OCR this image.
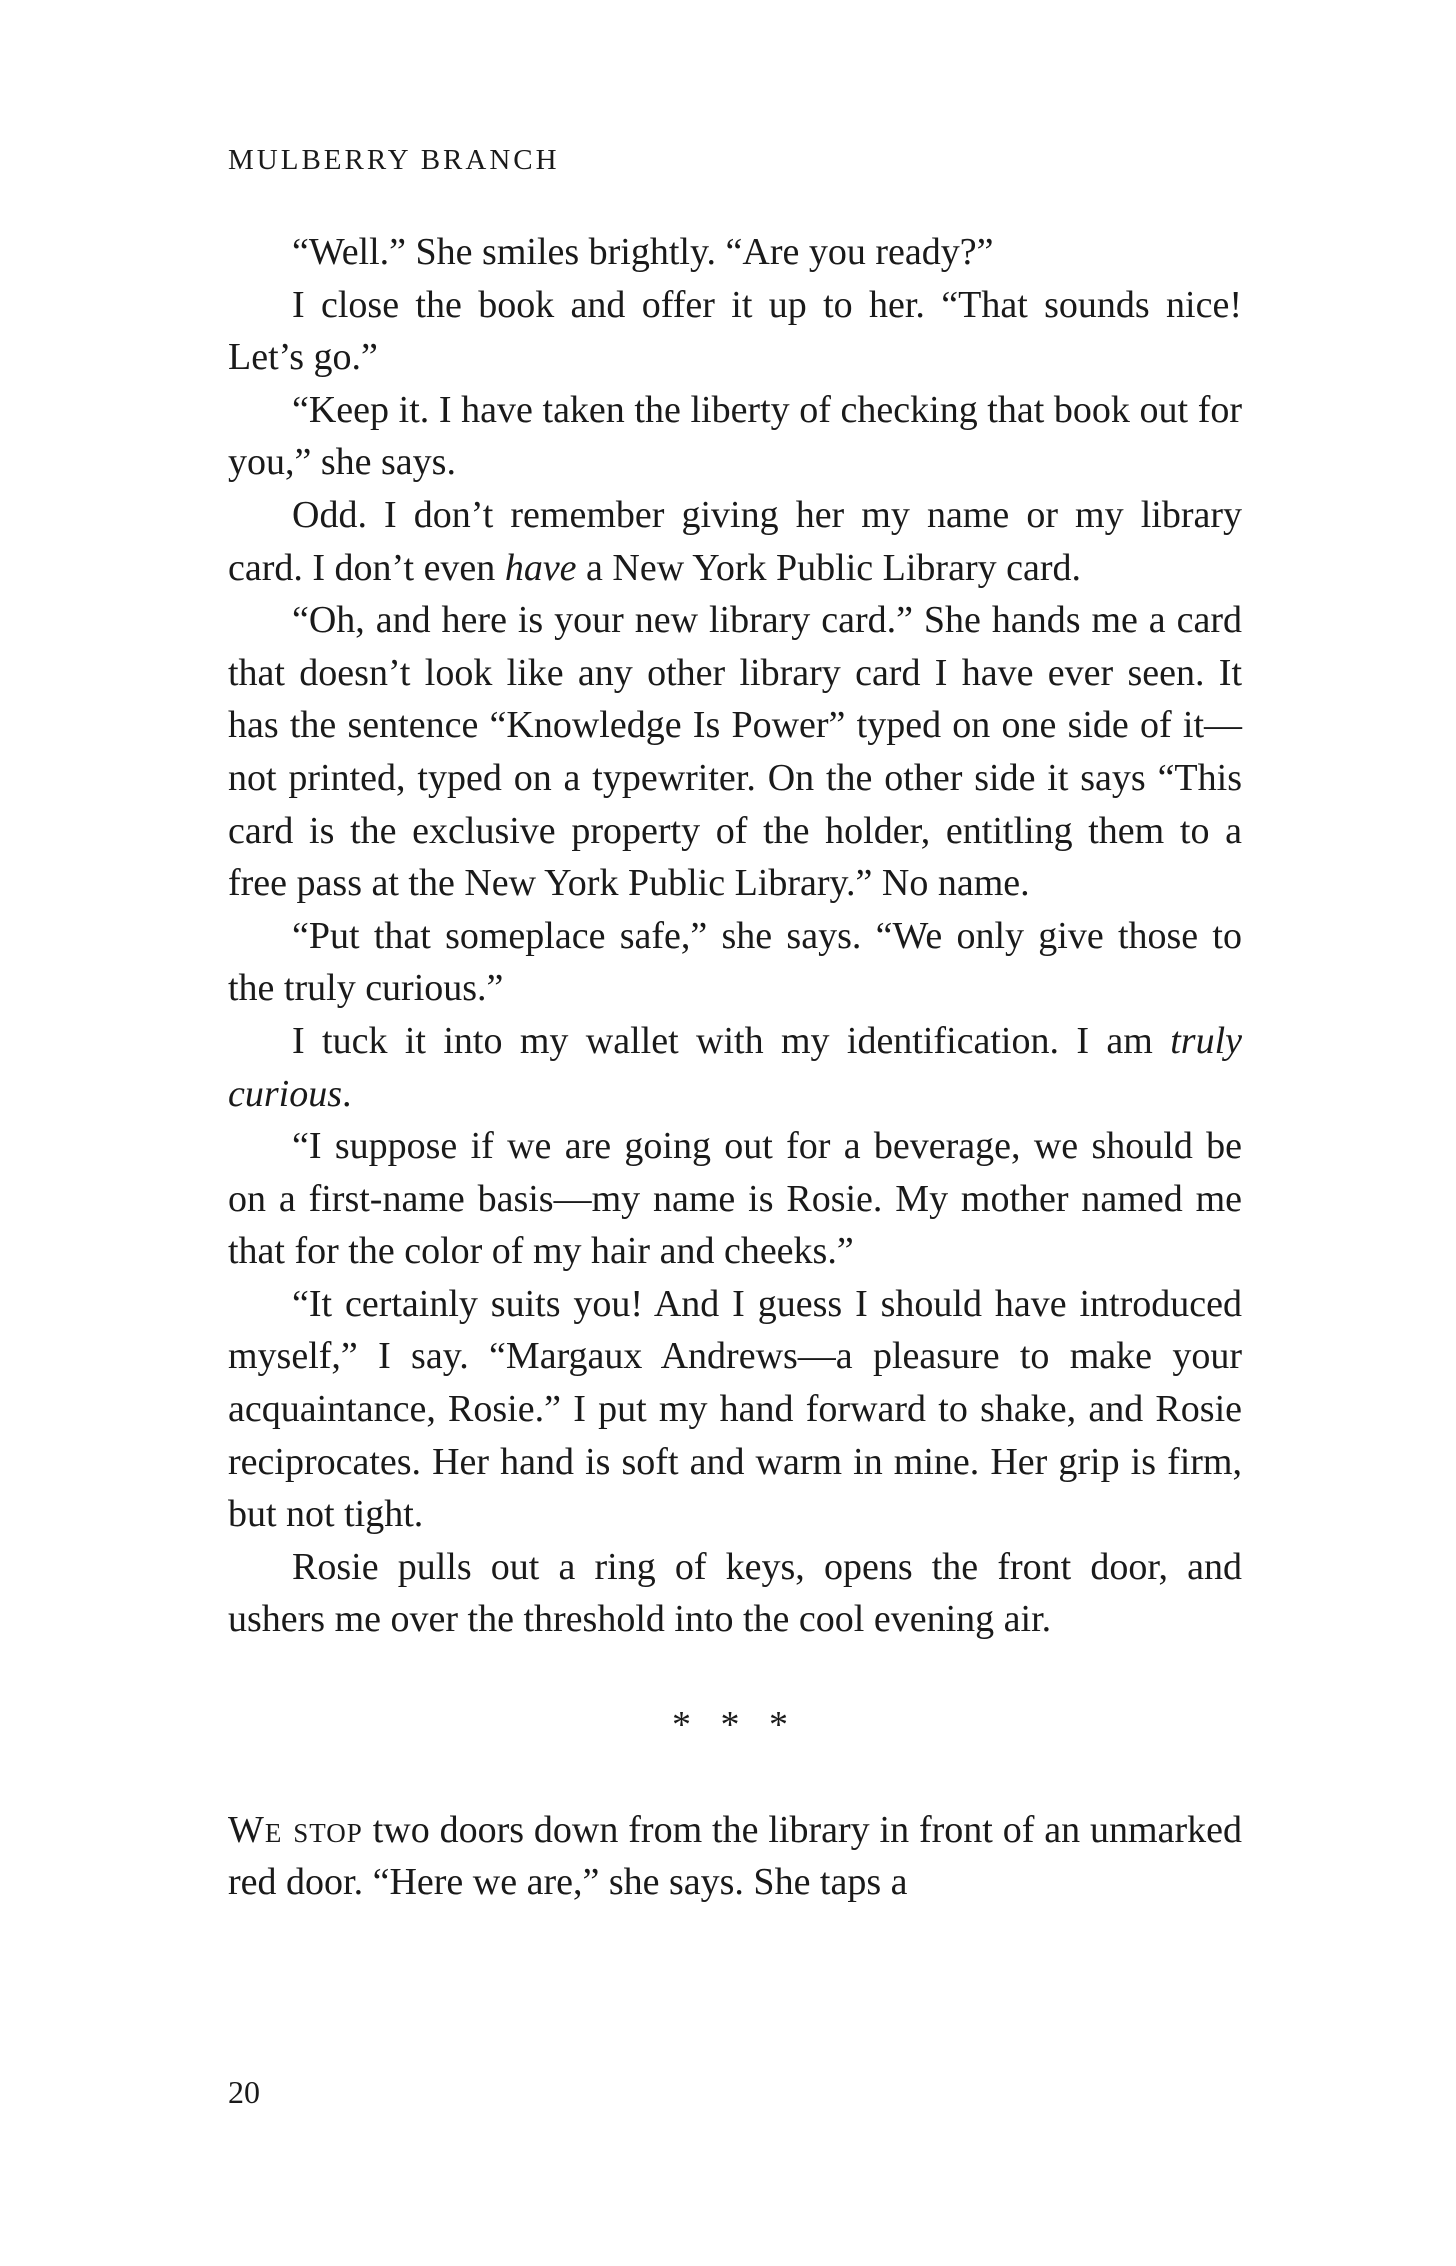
MULBERRY BRANCH

“Well.” She smiles brightly. “Are you ready?”

I close the book and offer it up to her. “That sounds nice! Let’s go.”

“Keep it. I have taken the liberty of checking that book out for you,” she says.

Odd. I don’t remember giving her my name or my library card. I don’t even have a New York Public Library card.

“Oh, and here is your new library card.” She hands me a card that doesn’t look like any other library card I have ever seen. It has the sentence “Knowledge Is Power” typed on one side of it—not printed, typed on a typewriter. On the other side it says “This card is the exclusive property of the holder, entitling them to a free pass at the New York Public Library.” No name.

“Put that someplace safe,” she says. “We only give those to the truly curious.”

I tuck it into my wallet with my identification. I am truly curious.

“I suppose if we are going out for a beverage, we should be on a first-name basis—my name is Rosie. My mother named me that for the color of my hair and cheeks.”

“It certainly suits you! And I guess I should have introduced myself,” I say. “Margaux Andrews—a pleasure to make your acquaintance, Rosie.” I put my hand forward to shake, and Rosie reciprocates. Her hand is soft and warm in mine. Her grip is firm, but not tight.

Rosie pulls out a ring of keys, opens the front door, and ushers me over the threshold into the cool evening air.

* * *

We stop two doors down from the library in front of an unmarked red door. “Here we are,” she says. She taps a

20
